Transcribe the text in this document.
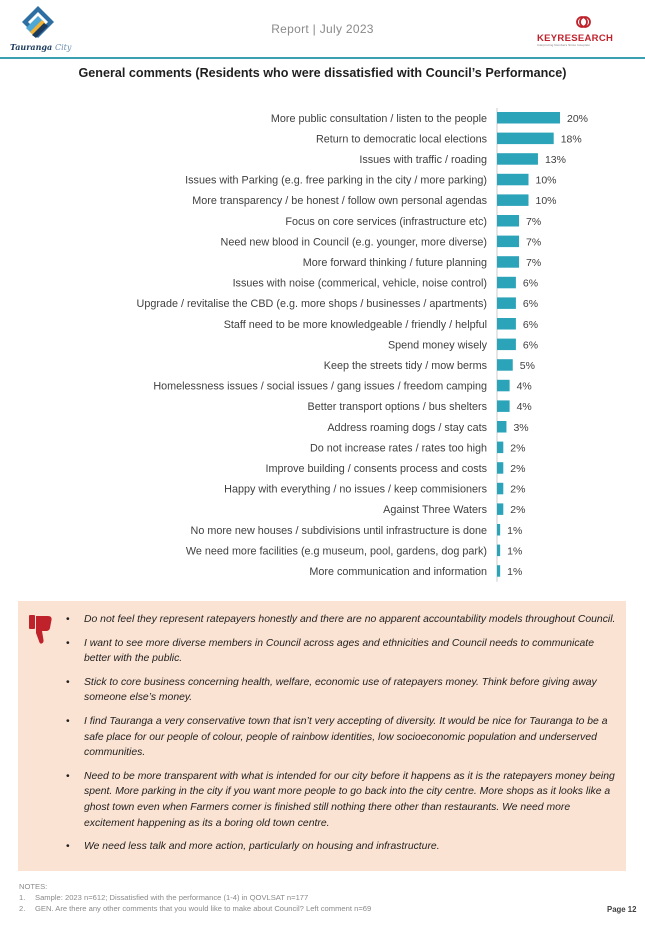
Tauranga City
Report | July 2023
KEYRESEARCH
Interpreting Numbers Since Inception
General comments (Residents who were dissatisfied with Council’s Performance)
More public consultation / listen to the people	20%
Return to democratic local elections	18%
Issues with traffic / roading	13%
Issues with Parking (e.g. free parking in the city / more parking)	10%
More transparency / be honest / follow own personal agendas	10%
Focus on core services (infrastructure etc)	7%
Need new blood in Council (e.g. younger, more diverse)	7%
More forward thinking / future planning	7%
Issues with noise (commerical, vehicle, noise control)	6%
Upgrade / revitalise the CBD (e.g. more shops / businesses / apartments)	6%
Staff need to be more knowledgeable / friendly / helpful	6%
Spend money wisely	6%
Keep the streets tidy / mow berms	5%
Homelessness issues / social issues / gang issues / freedom camping	4%
Better transport options / bus shelters	4%
Address roaming dogs / stay cats	3%
Do not increase rates / rates too high 2%
Improve building / consents process and costs 2%
Happy with everything / no issues / keep commisioners 2%
Against Three Waters 2%
No more new houses / subdivisions until infrastructure is done 1%
We need more facilities (e.g museum, pool, gardens, dog park) 1%
More communication and information 1%
• Do not feel they represent ratepayers honestly and there are no apparent accountability models throughout Council.
• I want to see more diverse members in Council across ages and ethnicities and Council needs to communicate better with the public.
• Stick to core business concerning health, welfare, economic use of ratepayers money. Think before giving away someone else’s money.
• I find Tauranga a very conservative town that isn’t very accepting of diversity. It would be nice for Tauranga to be a safe place for our people of colour, people of rainbow identities, low socioeconomic population and underserved communities.
• Need to be more transparent with what is intended for our city before it happens as it is the ratepayers money being spent. More parking in the city if you want more people to go back into the city centre. More shops as it looks like a ghost town even when Farmers corner is finished still nothing there other than restaurants. We need more excitement happening as its a boring old town centre.
• We need less talk and more action, particularly on housing and infrastructure.
NOTES:
1. Sample: 2023 n=612; Dissatisfied with the performance (1-4) in QOVLSAT n=177
2. GEN. Are there any other comments that you would like to make about Council? Left comment n=69	Page 12
